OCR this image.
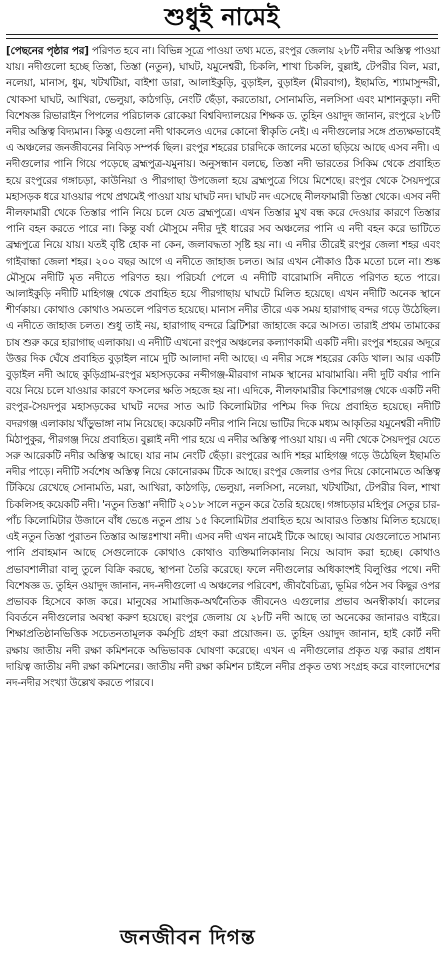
শুধুই নামেই

[পেছনের পৃষ্ঠার পর] পরিণত হবে না। বিভিন্ন সূত্রে পাওয়া তথ্য মতে, রংপুর জেলায় ২৮টি নদীর অস্তিত্ব পাওয়া যায়। নদীগুলো হচ্ছে তিস্তা, তিস্তা (নতুন), ঘাঘট, যমুনেশ্বরী, চিকলি, শাখা চিকলি, বুল্লাই, টেপরীর বিল, মরা, নলেয়া, মানাস, ধুম, খটখটিয়া, বাইশা ডারা, আলাইকুড়ি, বুড়াইল, বুড়াইল (মীরবাগ), ইছামতি, শ্যামাসুন্দরী, খোকসা ঘাঘট, আখিরা, ভেলুয়া, কাঠগড়ি, নেংটি ছেঁড়া, করতোয়া, সোনামতি, নলসিসা এবং মাশানকুড়া। নদী বিশেষজ্ঞ রিভারাইন পিপলের পরিচালক রোকেয়া বিশ্ববিদ্যালয়ের শিক্ষক ড. তুহিন ওয়াদুদ জানান, রংপুরে ২৮টি নদীর অস্তিত্ব বিদ্যমান। কিন্তু এগুলো নদী থাকলেও এদের কোনো স্বীকৃতি নেই। এ নদীগুলোর সঙ্গে প্রত্যক্ষভাবেই এ অঞ্চলের জনজীবনের নিবিড় সম্পর্ক ছিল। রংপুর শহরের চারদিকে জালের মতো ছড়িয়ে আছে এসব নদী। এ নদীগুলোর পানি গিয়ে পড়েছে ব্রহ্মপুত্র-যমুনায়। অনুসন্ধান বলছে, তিস্তা নদী ভারতের সিকিম থেকে প্রবাহিত হয়ে রংপুরের গঙ্গাচড়া, কাউনিয়া ও পীরগাছা উপজেলা হয়ে ব্রহ্মপুত্রে গিয়ে মিশেছে। রংপুর থেকে সৈয়দপুরে মহাসড়ক ধরে যাওয়ার পথে প্রথমেই পাওয়া যায় ঘাঘট নদ। ঘাঘট নদ এসেছে নীলফামারী তিস্তা থেকে। এসব নদী নীলফামারী থেকে তিস্তার পানি নিয়ে চলে যেত ব্রহ্মপুত্রে। এখন তিস্তার মুখ বন্ধ করে দেওয়ার কারণে তিস্তার পানি বহন করতে পারে না। কিন্তু বর্ষা মৌসুমে নদীর দুই ধারের সব অঞ্চলের পানি এ নদী বহন করে ভাটিতে ব্রহ্মপুত্রে নিয়ে যায়। যতই বৃষ্টি হোক না কেন, জলাবদ্ধতা সৃষ্টি হয় না। এ নদীর তীরেই রংপুর জেলা শহর এবং গাইবান্ধা জেলা শহর। ২০০ বছর আগে এ নদীতে জাহাজ চলত। আর এখন নৌকাও ঠিক মতো চলে না। শুষ্ক মৌসুমে নদীটি মৃত নদীতে পরিণত হয়। পরিচর্যা পেলে এ নদীটি বারোমাসি নদীতে পরিণত হতে পারে। আলাইকুড়ি নদীটি মাহিগঞ্জ থেকে প্রবাহিত হয়ে পীরগাছায় ঘাঘটে মিলিত হয়েছে। এখন নদীটি অনেক স্থানে শীর্ণকায়। কোথাও কোথাও সমতলে পরিণত হয়েছে। মানাস নদীর তীরে এক সময় হারাগাছ বন্দর গড়ে উঠেছিল। এ নদীতে জাহাজ চলত। শুধু তাই নয়, হারাগাছ বন্দরে ব্রিটিশরা জাহাজে করে আসত। তারাই প্রথম তামাকের চাষ শুরু করে হারাগাছ এলাকায়। এ নদীটি এখনো রংপুর অঞ্চলের কল্যাণকামী একটি নদী। রংপুর শহরের অদূরে উত্তর দিক ঘেঁষে প্রবাহিত বুড়াইল নামে দুটি আলাদা নদী আছে। এ নদীর সঙ্গে শহরের কেডি খাল। আর একটি বুড়াইল নদী আছে কুড়িগ্রাম-রংপুর মহাসড়কের নব্দীগঞ্জ-মীরবাগ নামক স্থানের মাঝামাঝি। নদী দুটি বর্ষার পানি বয়ে নিয়ে চলে যাওয়ার কারণে ফসলের ক্ষতি সহজে হয় না। এদিকে, নীলফামারীর কিশোরগঞ্জ থেকে একটি নদী রংপুর-সৈয়দপুর মহাসড়কের ঘাঘট নদের সাত আট কিলোমিটার পশ্চিম দিক দিয়ে প্রবাহিত হয়েছে। নদীটি বদরগঞ্জ এলাকায় খাঁড়ুভাঙ্গা নাম নিয়েছে। কয়েকটি নদীর পানি নিয়ে ভাটির দিকে মধ্যম আকৃতির যমুনেশ্বরী নদীটি মিঠাপুকুর, পীরগঞ্জ দিয়ে প্রবাহিত। বুল্লাই নদী পার হয়ে এ নদীর অস্তিত্ব পাওয়া যায়। এ নদী থেকে সৈয়দপুর যেতে সরু আরেকটি নদীর অস্তিত্ব আছে। যার নাম নেংটি ছেঁড়া। রংপুরের আদি শহর মাহিগঞ্জ গড়ে উঠেছিল ইছামতি নদীর পাড়ে। নদীটি সর্বশেষ অস্তিত্ব নিয়ে কোনোরকম টিকে আছে। রংপুর জেলার ওপর দিয়ে কোনোমতে অস্তিত্ব টিকিয়ে রেখেছে সোনামতি, মরা, আখিরা, কাঠগড়ি, ভেলুয়া, নলসিসা, নলেয়া, খটখটিয়া, টেপরীর বিল, শাখা চিকলিসহ কয়েকটি নদী। 'নতুন তিস্তা' নদীটি ২০১৮ সালে নতুন করে তৈরি হয়েছে। গঙ্গাচড়ার মহিপুর সেতুর চার-পাঁচ কিলোমিটার উজানে বাঁধ ভেঙে নতুন প্রায় ১৫ কিলোমিটার প্রবাহিত হয়ে আবারও তিস্তায় মিলিত হয়েছে। এই নতুন তিস্তা পুরাতন তিস্তার আন্তঃশাখা নদী। এসব নদী এখন নামেই টিকে আছে। আবার যেগুলোতে সামান্য পানি প্রবাহমান আছে সেগুলোকে কোথাও কোথাও ব্যক্তিমালিকানায় নিয়ে আবাদ করা হচ্ছে। কোথাও প্রভাবশালীরা বালু তুলে বিক্রি করছে, স্থাপনা তৈরি করেছে। ফলে নদীগুলোর অধিকাংশই বিলুপ্তির পথে। নদী বিশেষজ্ঞ ড. তুহিন ওয়াদুদ জানান, নদ-নদীগুলো এ অঞ্চলের পরিবেশ, জীববৈচিত্র্য, ভূমির গঠন সব কিছুর ওপর প্রভাবক হিসেবে কাজ করে। মানুষের সামাজিক-অর্থনৈতিক জীবনেও এগুলোর প্রভাব অনস্বীকার্য। কালের বিবর্তনে নদীগুলোর অবস্থা করুণ হয়েছে। রংপুর জেলায় যে ২৮টি নদী আছে তা অনেকের জানারও বাইরে। শিক্ষাপ্রতিষ্ঠানভিত্তিক সচেতনতামূলক কর্মসূচি গ্রহণ করা প্রয়োজন। ড. তুহিন ওয়াদুদ জানান, হাই কোর্ট নদী রক্ষায় জাতীয় নদী রক্ষা কমিশনকে অভিভাবক ঘোষণা করেছে। এখন এ নদীগুলোর প্রকৃত যত্ন করার প্রধান দায়িত্ব জাতীয় নদী রক্ষা কমিশনের। জাতীয় নদী রক্ষা কমিশন চাইলে নদীর প্রকৃত তথ্য সংগ্রহ করে বাংলাদেশের নদ-নদীর সংখ্যা উল্লেখ করতে পারবে।

জনজীবন দিগন্ত
